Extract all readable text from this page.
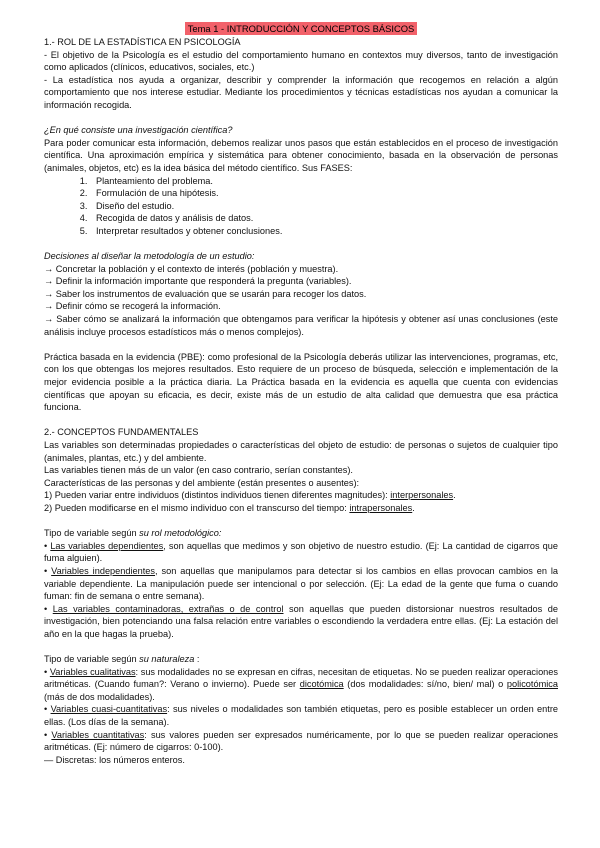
Tema 1 - INTRODUCCIÓN Y CONCEPTOS BÁSICOS

1.- ROL DE LA ESTADÍSTICA EN PSICOLOGÍA

- El objetivo de la Psicología es el estudio del comportamiento humano en contextos muy diversos, tanto de investigación como aplicados (clínicos, educativos, sociales, etc.)

- La estadística nos ayuda a organizar, describir y comprender la información que recogemos en relación a algún comportamiento que nos interese estudiar. Mediante los procedimientos y técnicas estadísticas nos ayudan a comunicar la información recogida.

¿En qué consiste una investigación científica?

Para poder comunicar esta información, debemos realizar unos pasos que están establecidos en el proceso de investigación científica. Una aproximación empírica y sistemática para obtener conocimiento, basada en la observación de personas (animales, objetos, etc) es la idea básica del método científico. Sus FASES:

1. Planteamiento del problema.
2. Formulación de una hipótesis.
3. Diseño del estudio.
4. Recogida de datos y análisis de datos.
5. Interpretar resultados y obtener conclusiones.

Decisiones al diseñar la metodología de un estudio:

→ Concretar la población y el contexto de interés (población y muestra).

→ Definir la información importante que responderá la pregunta (variables).

→ Saber los instrumentos de evaluación que se usarán para recoger los datos.

→ Definir cómo se recogerá la información.

→ Saber cómo se analizará la información que obtengamos para verificar la hipótesis y obtener así unas conclusiones (este análisis incluye procesos estadísticos más o menos complejos).

Práctica basada en la evidencia (PBE): como profesional de la Psicología deberás utilizar las intervenciones, programas, etc, con los que obtengas los mejores resultados. Esto requiere de un proceso de búsqueda, selección e implementación de la mejor evidencia posible a la práctica diaria. La Práctica basada en la evidencia es aquella que cuenta con evidencias científicas que apoyan su eficacia, es decir, existe más de un estudio de alta calidad que demuestra que esa práctica funciona.

2.- CONCEPTOS FUNDAMENTALES

Las variables son determinadas propiedades o características del objeto de estudio: de personas o sujetos de cualquier tipo (animales, plantas, etc.) y del ambiente.

Las variables tienen más de un valor (en caso contrario, serían constantes).

Características de las personas y del ambiente (están presentes o ausentes):

1) Pueden variar entre individuos (distintos individuos tienen diferentes magnitudes): interpersonales.

2) Pueden modificarse en el mismo individuo con el transcurso del tiempo: intrapersonales.

Tipo de variable según su rol metodológico:

• Las variables dependientes, son aquellas que medimos y son objetivo de nuestro estudio. (Ej: La cantidad de cigarros que fuma alguien).

• Variables independientes, son aquellas que manipulamos para detectar si los cambios en ellas provocan cambios en la variable dependiente. La manipulación puede ser intencional o por selección. (Ej: La edad de la gente que fuma o cuando fuman: fin de semana o entre semana).

• Las variables contaminadoras, extrañas o de control son aquellas que pueden distorsionar nuestros resultados de investigación, bien potenciando una falsa relación entre variables o escondiendo la verdadera entre ellas. (Ej: La estación del año en la que hagas la prueba).

Tipo de variable según su naturaleza :

• Variables cualitativas: sus modalidades no se expresan en cifras, necesitan de etiquetas. No se pueden realizar operaciones aritméticas. (Cuando fuman?: Verano o invierno). Puede ser dicotómica (dos modalidades: sí/no, bien/ mal) o policotómica (más de dos modalidades).

• Variables cuasi-cuantitativas: sus niveles o modalidades son también etiquetas, pero es posible establecer un orden entre ellas. (Los días de la semana).

• Variables cuantitativas: sus valores pueden ser expresados numéricamente, por lo que se pueden realizar operaciones aritméticas. (Ej: número de cigarros: 0-100).

— Discretas: los números enteros.
